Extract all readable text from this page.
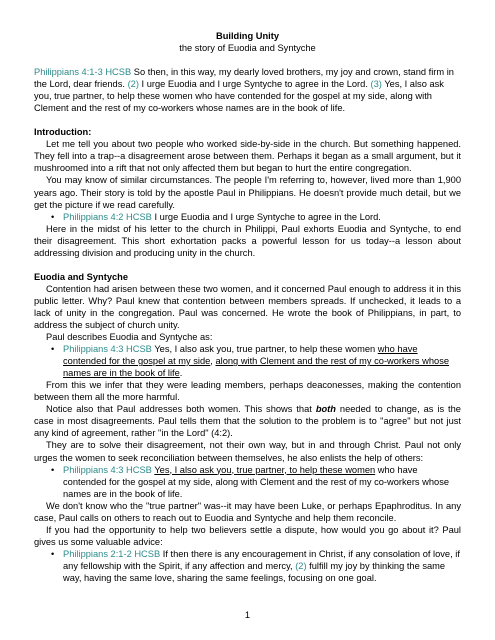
Building Unity

the story of Euodia and Syntyche

Philippians 4:1-3 HCSB So then, in this way, my dearly loved brothers, my joy and crown, stand firm in the Lord, dear friends. (2) I urge Euodia and I urge Syntyche to agree in the Lord. (3) Yes, I also ask you, true partner, to help these women who have contended for the gospel at my side, along with Clement and the rest of my co-workers whose names are in the book of life.

Introduction:

Let me tell you about two people who worked side-by-side in the church. But something happened. They fell into a trap--a disagreement arose between them. Perhaps it began as a small argument, but it mushroomed into a rift that not only affected them but began to hurt the entire congregation.

You may know of similar circumstances. The people I'm referring to, however, lived more than 1,900 years ago. Their story is told by the apostle Paul in Philippians. He doesn't provide much detail, but we get the picture if we read carefully.

• Philippians 4:2 HCSB I urge Euodia and I urge Syntyche to agree in the Lord.

Here in the midst of his letter to the church in Philippi, Paul exhorts Euodia and Syntyche, to end their disagreement. This short exhortation packs a powerful lesson for us today--a lesson about addressing division and producing unity in the church.

Euodia and Syntyche

Contention had arisen between these two women, and it concerned Paul enough to address it in this public letter. Why? Paul knew that contention between members spreads. If unchecked, it leads to a lack of unity in the congregation. Paul was concerned. He wrote the book of Philippians, in part, to address the subject of church unity.

Paul describes Euodia and Syntyche as:

• Philippians 4:3 HCSB Yes, I also ask you, true partner, to help these women who have contended for the gospel at my side, along with Clement and the rest of my co-workers whose names are in the book of life.

From this we infer that they were leading members, perhaps deaconesses, making the contention between them all the more harmful.

Notice also that Paul addresses both women. This shows that both needed to change, as is the case in most disagreements. Paul tells them that the solution to the problem is to "agree" but not just any kind of agreement, rather "in the Lord" (4:2).

They are to solve their disagreement, not their own way, but in and through Christ. Paul not only urges the women to seek reconciliation between themselves, he also enlists the help of others:

• Philippians 4:3 HCSB Yes, I also ask you, true partner, to help these women who have contended for the gospel at my side, along with Clement and the rest of my co-workers whose names are in the book of life.

We don't know who the "true partner" was--it may have been Luke, or perhaps Epaphroditus. In any case, Paul calls on others to reach out to Euodia and Syntyche and help them reconcile.

If you had the opportunity to help two believers settle a dispute, how would you go about it? Paul gives us some valuable advice:

• Philippians 2:1-2 HCSB If then there is any encouragement in Christ, if any consolation of love, if any fellowship with the Spirit, if any affection and mercy, (2) fulfill my joy by thinking the same way, having the same love, sharing the same feelings, focusing on one goal.

1
